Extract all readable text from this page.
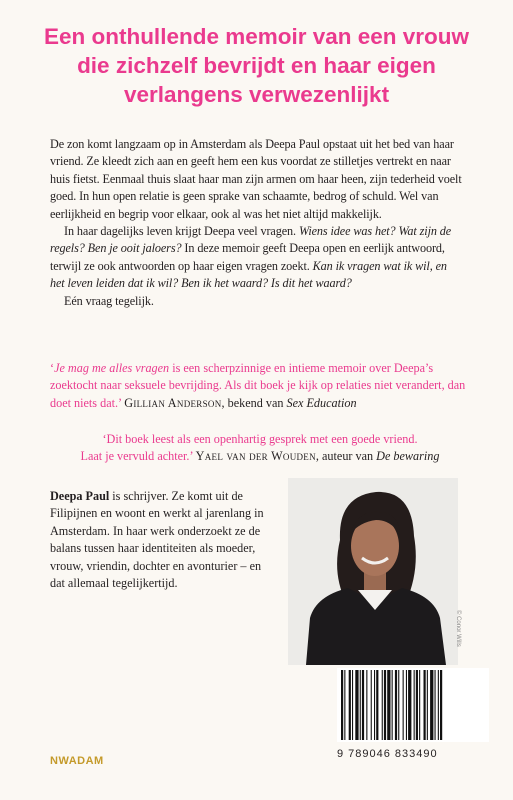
Een onthullende memoir van een vrouw die zichzelf bevrijdt en haar eigen verlangens verwezenlijkt

De zon komt langzaam op in Amsterdam als Deepa Paul opstaat uit het bed van haar vriend. Ze kleedt zich aan en geeft hem een kus voordat ze stilletjes vertrekt en naar huis fietst. Eenmaal thuis slaat haar man zijn armen om haar heen, zijn tederheid voelt goed. In hun open relatie is geen sprake van schaamte, bedrog of schuld. Wel van eerlijkheid en begrip voor elkaar, ook al was het niet altijd makkelijk.

In haar dagelijks leven krijgt Deepa veel vragen. Wiens idee was het? Wat zijn de regels? Ben je ooit jaloers? In deze memoir geeft Deepa open en eerlijk antwoord, terwijl ze ook antwoorden op haar eigen vragen zoekt. Kan ik vragen wat ik wil, en het leven leiden dat ik wil? Ben ik het waard? Is dit het waard?

Eén vraag tegelijk.

‘Je mag me alles vragen is een scherpzinnige en intieme memoir over Deepa’s zoektocht naar seksuele bevrijding. Als dit boek je kijk op relaties niet verandert, dan doet niets dat.’ Gillian Anderson, bekend van Sex Education

‘Dit boek leest als een openhartig gesprek met een goede vriend.

Laat je vervuld achter.’ Yael van der Wouden, auteur van De bewaring

Deepa Paul is schrijver. Ze komt uit de Filipijnen en woont en werkt al jarenlang in Amsterdam. In haar werk onderzoekt ze de balans tussen haar identiteiten als moeder, vrouw, vriendin, dochter en avonturier – en dat allemaal tegelijkertijd.

© Conor Wills
9 789046 833490
NWADAM
